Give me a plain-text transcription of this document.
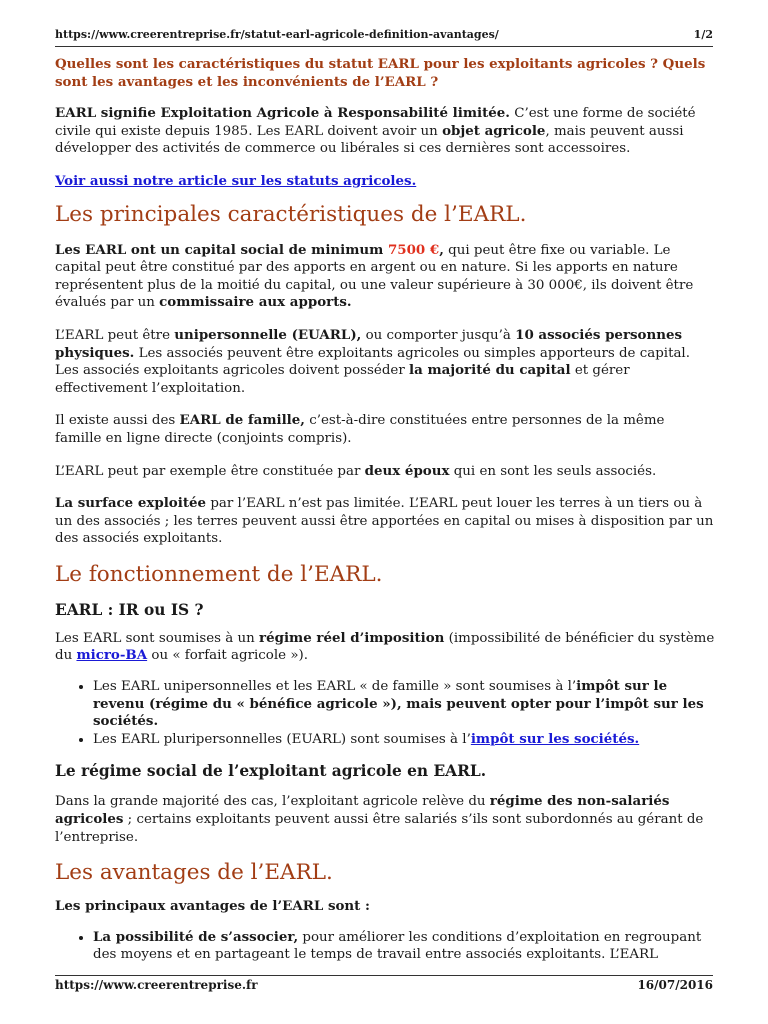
https://www.creerentreprise.fr/statut-earl-agricole-definition-avantages/	1/2

Quelles sont les caractéristiques du statut EARL pour les exploitants agricoles ? Quels sont les avantages et les inconvénients de l’EARL ?

EARL signifie Exploitation Agricole à Responsabilité limitée. C’est une forme de société civile qui existe depuis 1985. Les EARL doivent avoir un objet agricole, mais peuvent aussi développer des activités de commerce ou libérales si ces dernières sont accessoires.

Voir aussi notre article sur les statuts agricoles.

Les principales caractéristiques de l’EARL.

Les EARL ont un capital social de minimum 7500 €, qui peut être fixe ou variable. Le capital peut être constitué par des apports en argent ou en nature. Si les apports en nature représentent plus de la moitié du capital, ou une valeur supérieure à 30 000€, ils doivent être évalués par un commissaire aux apports.

L’EARL peut être unipersonnelle (EUARL), ou comporter jusqu’à 10 associés personnes physiques. Les associés peuvent être exploitants agricoles ou simples apporteurs de capital. Les associés exploitants agricoles doivent posséder la majorité du capital et gérer effectivement l’exploitation.

Il existe aussi des EARL de famille, c’est-à-dire constituées entre personnes de la même famille en ligne directe (conjoints compris).

L’EARL peut par exemple être constituée par deux époux qui en sont les seuls associés.

La surface exploitée par l’EARL n’est pas limitée. L’EARL peut louer les terres à un tiers ou à un des associés ; les terres peuvent aussi être apportées en capital ou mises à disposition par un des associés exploitants.

Le fonctionnement de l’EARL.
EARL : IR ou IS ?

Les EARL sont soumises à un régime réel d’imposition (impossibilité de bénéficier du système du micro-BA ou « forfait agricole »).

• Les EARL unipersonnelles et les EARL « de famille » sont soumises à l’impôt sur le revenu (régime du « bénéfice agricole »), mais peuvent opter pour l’impôt sur les sociétés.
• Les EARL pluripersonnelles (EUARL) sont soumises à l’impôt sur les sociétés.
Le régime social de l’exploitant agricole en EARL.

Dans la grande majorité des cas, l’exploitant agricole relève du régime des non-salariés agricoles ; certains exploitants peuvent aussi être salariés s’ils sont subordonnés au gérant de l’entreprise.

Les avantages de l’EARL.

Les principaux avantages de l’EARL sont :

• La possibilité de s’associer, pour améliorer les conditions d’exploitation en regroupant des moyens et en partageant le temps de travail entre associés exploitants. L’EARL
https://www.creerentreprise.fr	16/07/2016
